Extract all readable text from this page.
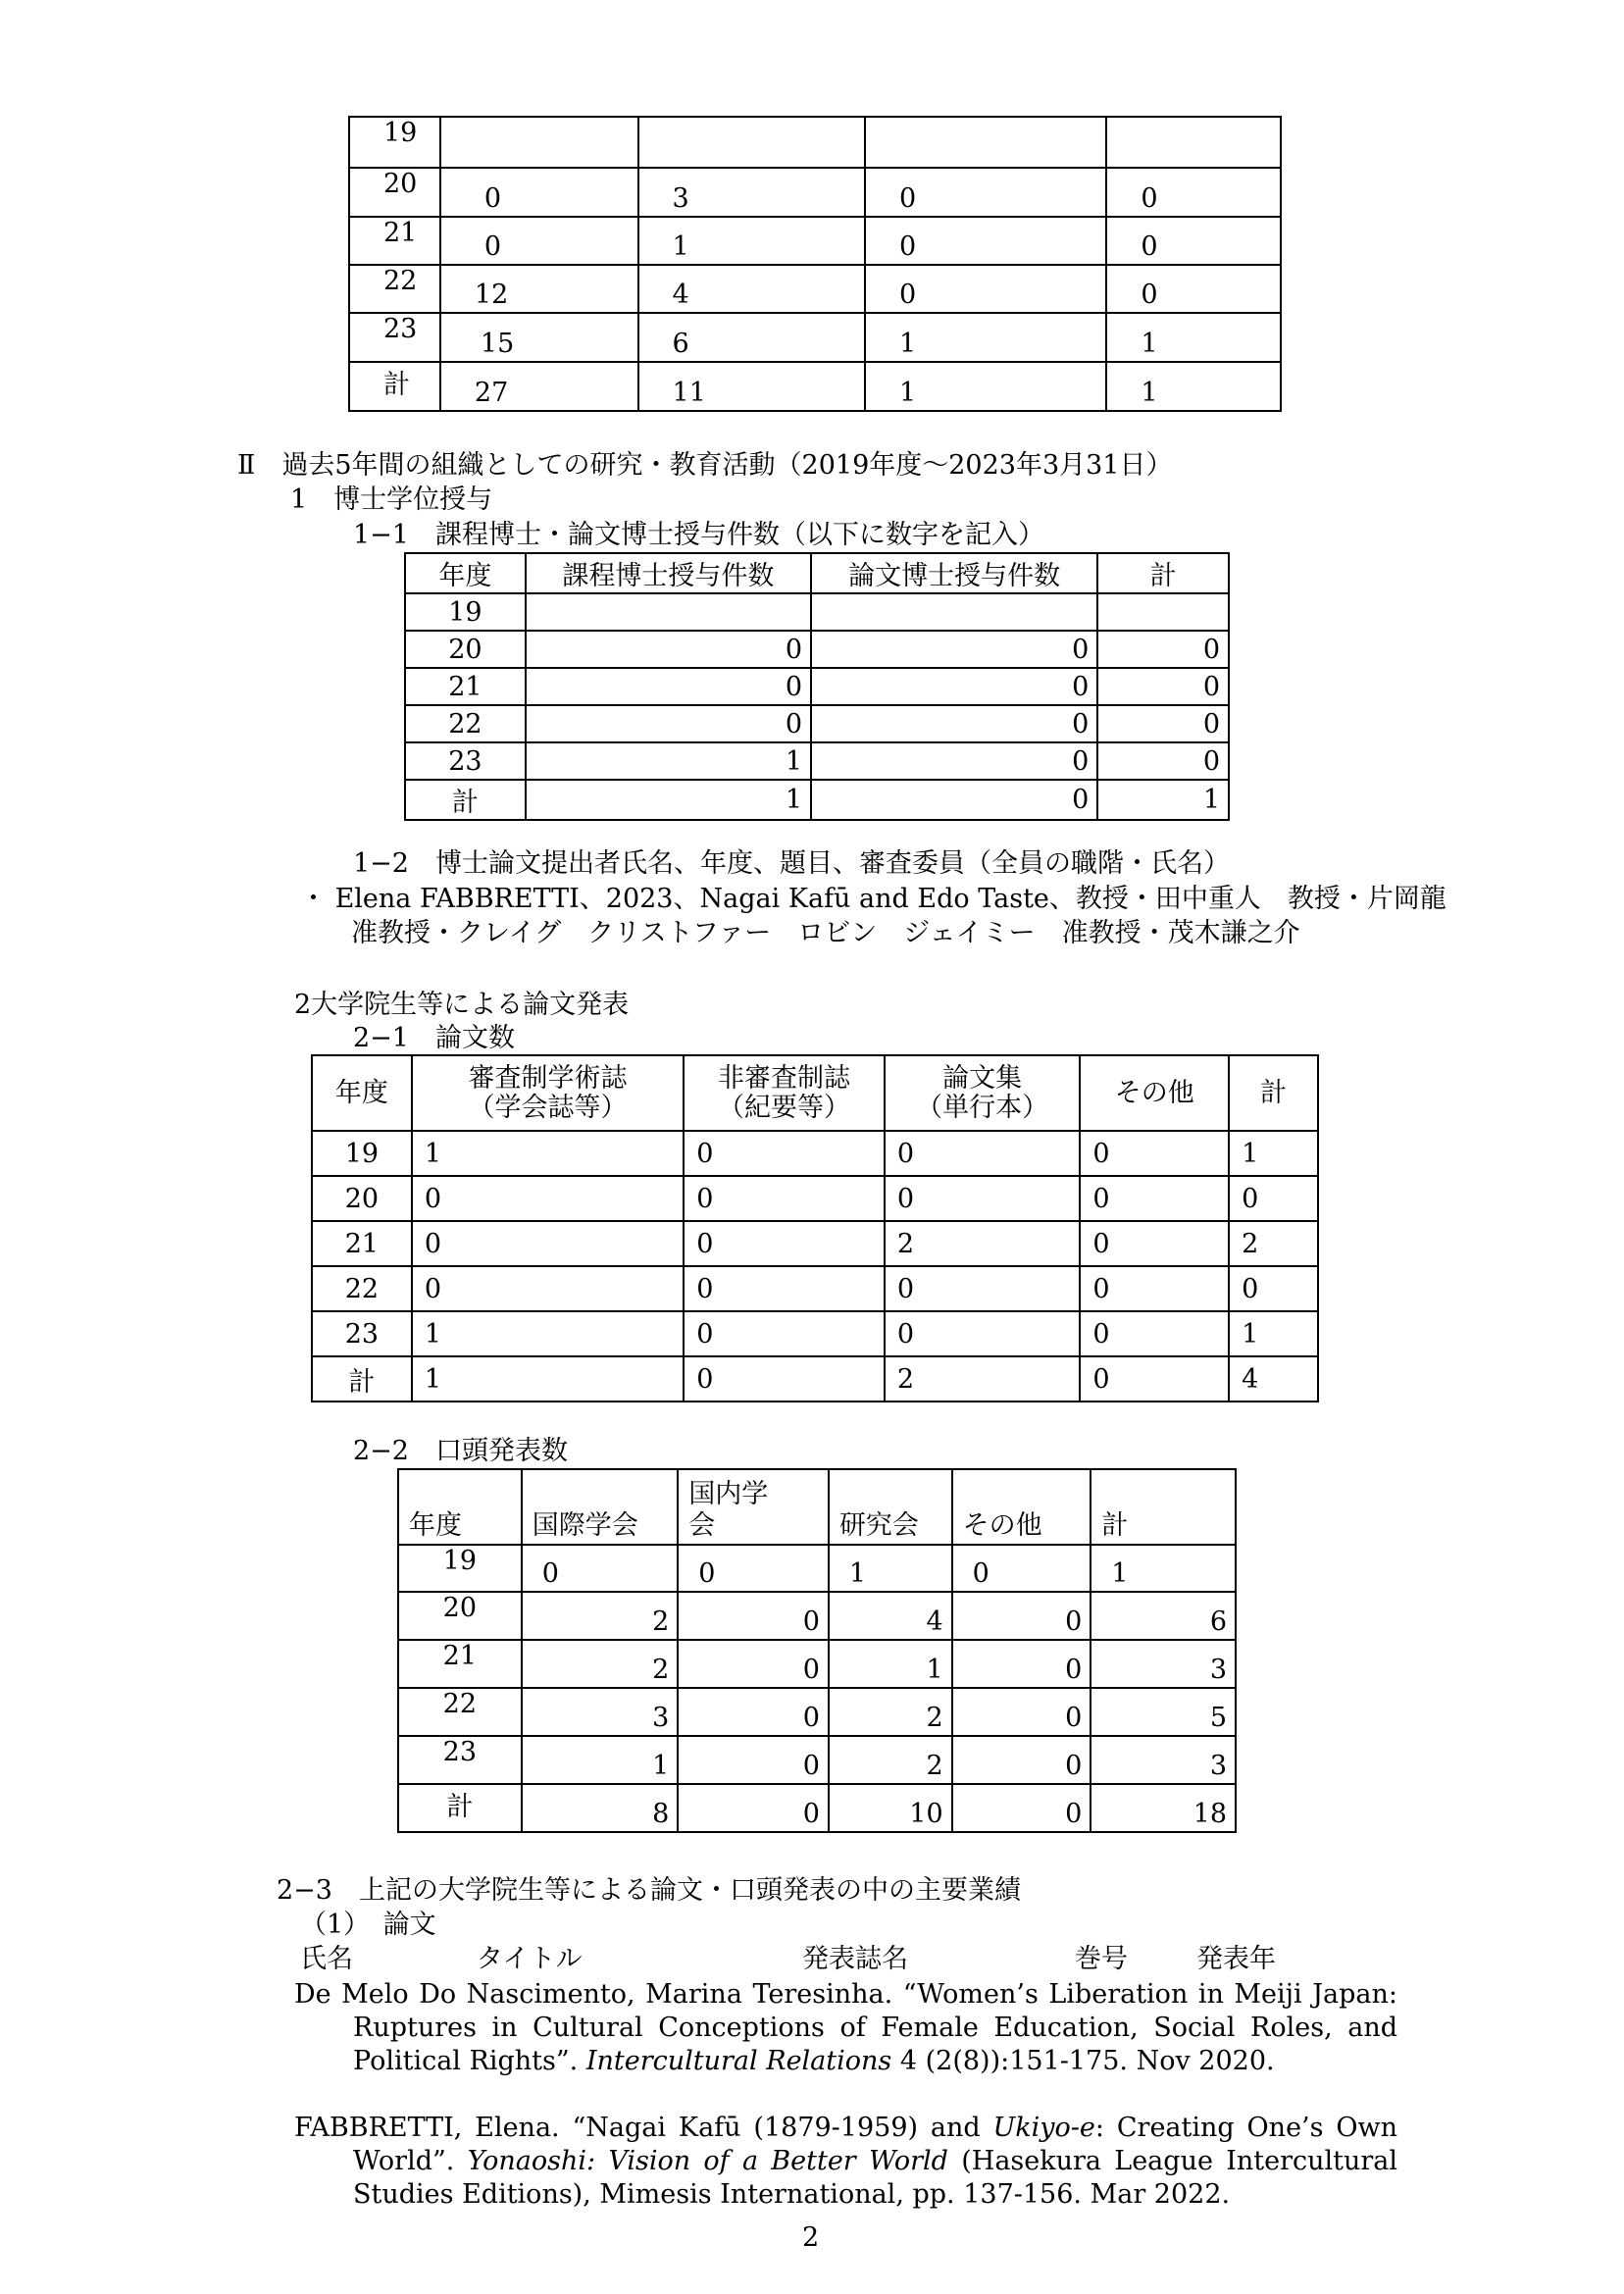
19				
20	0	3	0	0
21	0	1	0	0
22	12	4	0	0
23	15	6	1	1
計	27	11	1	1
Ⅱ　過去5年間の組織としての研究・教育活動（2019年度～2023年3月31日）
1　博士学位授与
1−1　課程博士・論文博士授与件数（以下に数字を記入）
年度	課程博士授与件数	論文博士授与件数	計
19			
20	0	0	0
21	0	0	0
22	0	0	0
23	1	0	0
計	1	0	1
1−2　博士論文提出者氏名、年度、題目、審査委員（全員の職階・氏名）
・ Elena FABBRETTI、2023、Nagai Kafū and Edo Taste、教授・田中重人　教授・片岡龍
准教授・クレイグ　クリストファー　ロビン　ジェイミー　准教授・茂木謙之介
2大学院生等による論文発表
2−1　論文数
年度	審査制学術誌
（学会誌等）	非審査制誌
（紀要等）	論文集
（単行本）	その他	計
19	1	0	0	0	1
20	0	0	0	0	0
21	0	0	2	0	2
22	0	0	0	0	0
23	1	0	0	0	1
計	1	0	2	0	4
2−2　口頭発表数
年度	国際学会	国内学
会	研究会	その他	計
19	0	0	1	0	1
20	2	0	4	0	6
21	2	0	1	0	3
22	3	0	2	0	5
23	1	0	2	0	3
計	8	0	10	0	18
2−3　上記の大学院生等による論文・口頭発表の中の主要業績
（1）　論文
氏名	タイトル	発表誌名	巻号	発表年
De Melo Do Nascimento, Marina Teresinha. “Women’s Liberation in Meiji Japan: Ruptures in Cultural Conceptions of Female Education, Social Roles, and Political Rights”. Intercultural Relations 4 (2(8)):151-175. Nov 2020.
FABBRETTI, Elena. “Nagai Kafū (1879-1959) and Ukiyo-e: Creating One’s Own World”. Yonaoshi: Vision of a Better World (Hasekura League Intercultural Studies Editions), Mimesis International, pp. 137-156. Mar 2022.
2
